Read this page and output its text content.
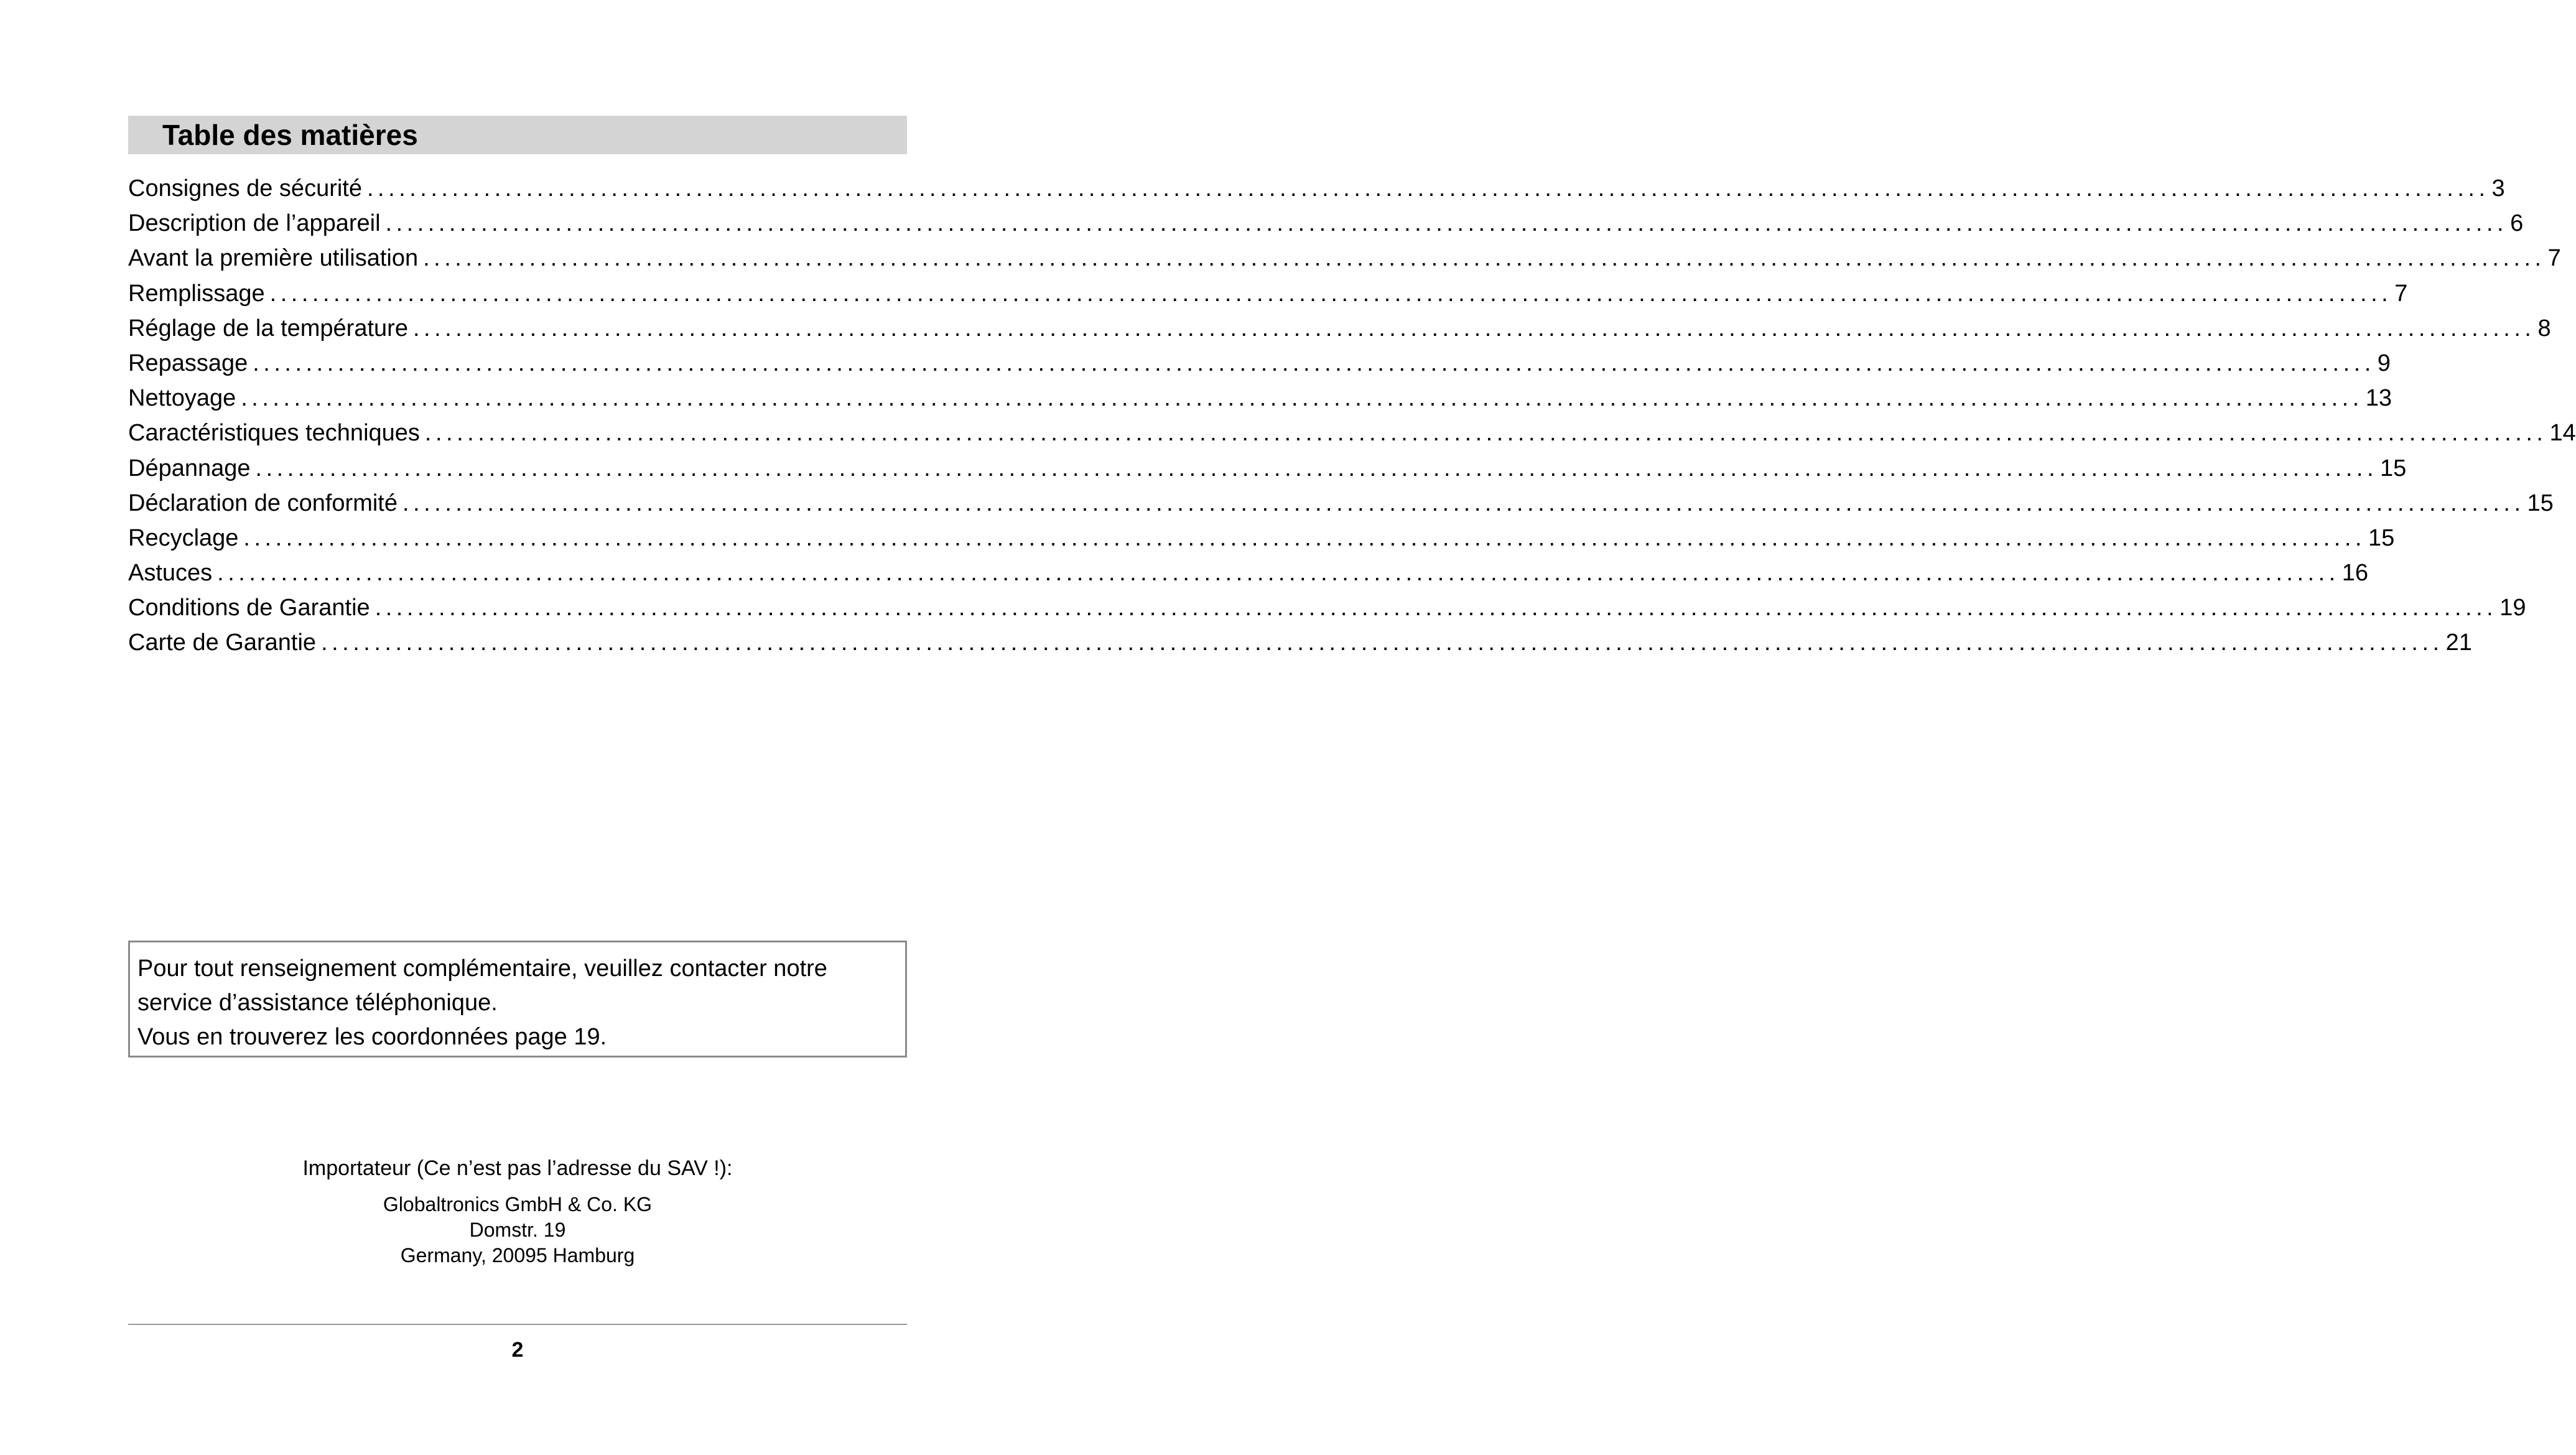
Table des matières
Consignes de sécurité ........................................................................................................................................................................................................ 3
Description de l’appareil ........................................................................................................................................................................................................ 6
Avant la première utilisation ........................................................................................................................................................................................................ 7
Remplissage ........................................................................................................................................................................................................ 7
Réglage de la température ........................................................................................................................................................................................................ 8
Repassage ........................................................................................................................................................................................................ 9
Nettoyage ........................................................................................................................................................................................................ 13
Caractéristiques techniques ........................................................................................................................................................................................................ 14
Dépannage ........................................................................................................................................................................................................ 15
Déclaration de conformité ........................................................................................................................................................................................................ 15
Recyclage ........................................................................................................................................................................................................ 15
Astuces ........................................................................................................................................................................................................ 16
Conditions de Garantie ........................................................................................................................................................................................................ 19
Carte de Garantie ........................................................................................................................................................................................................ 21

Pour tout renseignement complémentaire, veuillez contacter notre service d’assistance téléphonique.

Vous en trouverez les coordonnées page 19.

Importateur (Ce n’est pas l’adresse du SAV !):
Globaltronics GmbH & Co. KG
Domstr. 19
Germany, 20095 Hamburg
2
